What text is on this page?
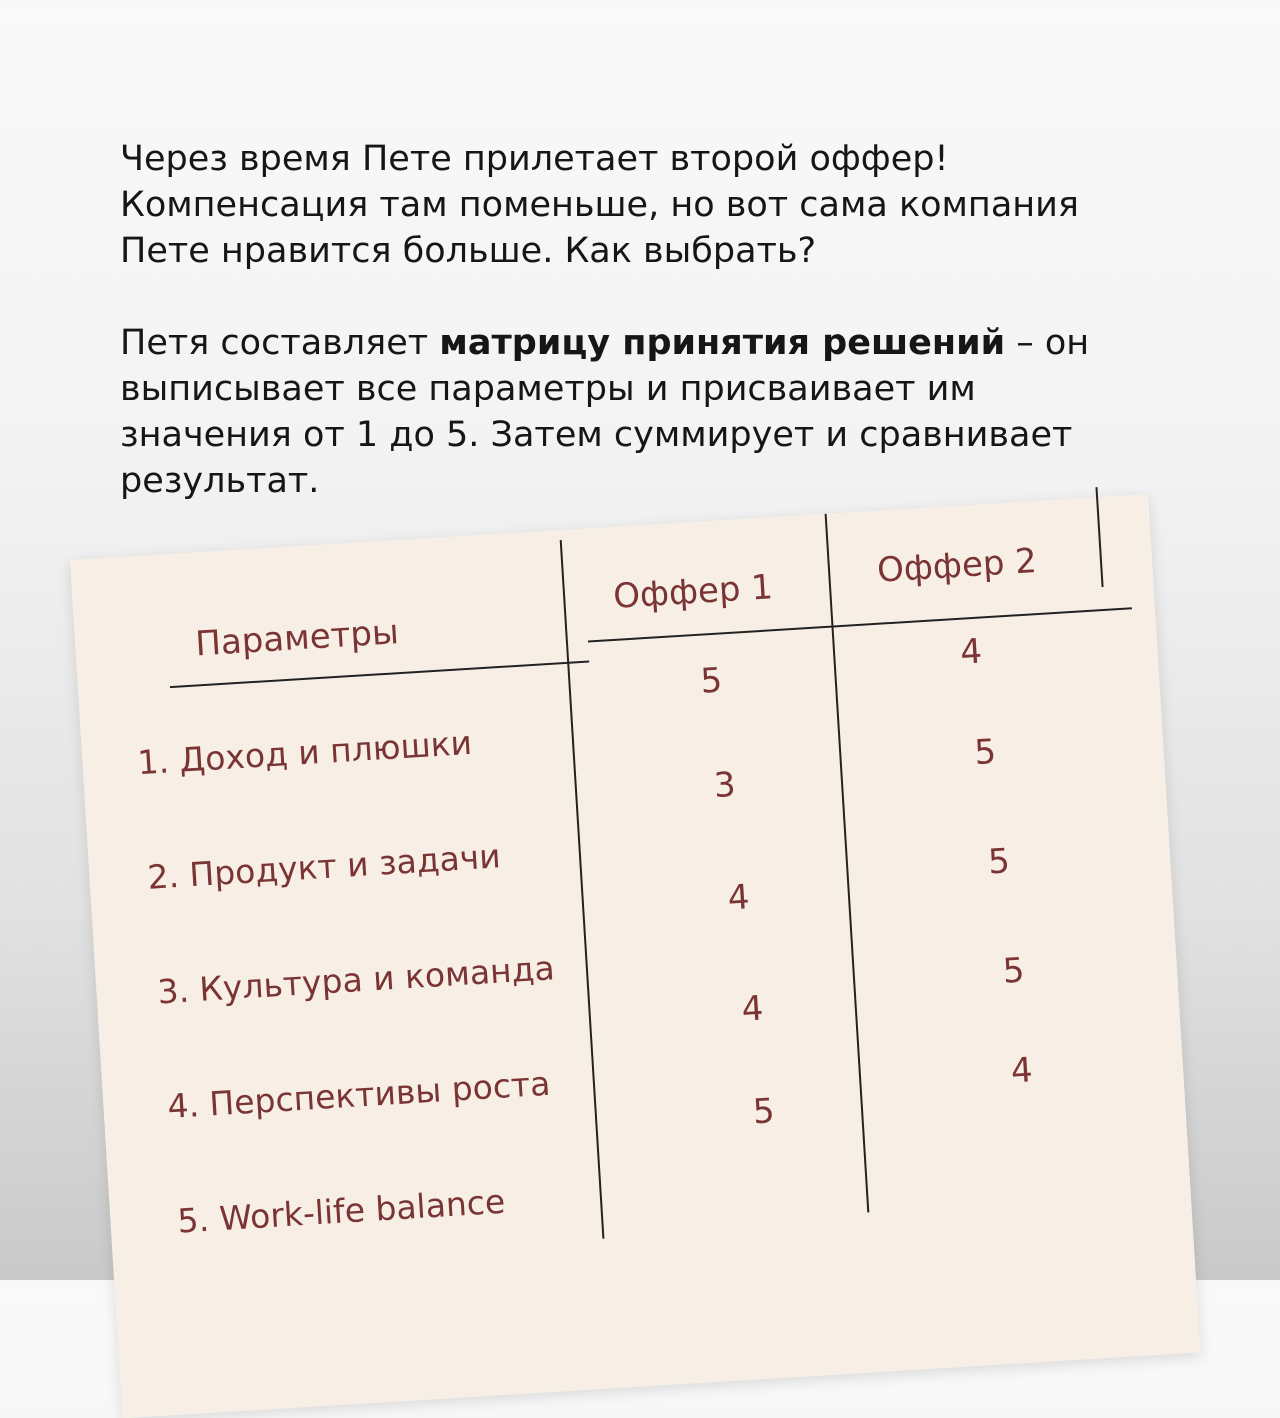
Через время Пете прилетает второй оффер!
Компенсация там поменьше, но вот сама компания
Пете нравится больше. Как выбрать?
Петя составляет матрицу принятия решений – он
выписывает все параметры и присваивает им
значения от 1 до 5. Затем суммирует и сравнивает
результат.
Параметры
Оффер 1
Оффер 2
1. Доход и плюшки
2. Продукт и задачи
3. Культура и команда
4. Перспективы роста
5. Work-life balance
5
3
4
4
5
4
5
5
5
4
